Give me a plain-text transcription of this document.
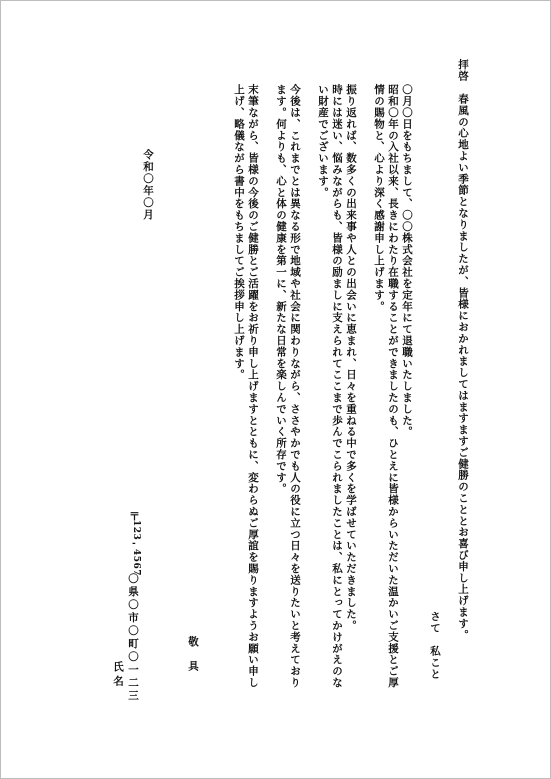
拝啓　春風の心地よい季節となりましたが、皆様におかれましてはますますご健勝のこととお喜び申し上げます。
さて　私こと
〇月〇日をもちまして、〇〇株式会社を定年にて退職いたしました。
昭和〇年の入社以来、長きにわたり在職することができましたのも、ひとえに皆様からいただいた温かいご支援とご厚
情の賜物と、心より深く感謝申し上げます。
振り返れば、数多くの出来事や人との出会いに恵まれ、日々を重ねる中で多くを学ばせていただきました。
時には迷い、悩みながらも、皆様の励ましに支えられてここまで歩んでこられましたことは、私にとってかけがえのな
い財産でございます。
今後は、これまでとは異なる形で地域や社会に関わりながら、ささやかでも人の役に立つ日々を送りたいと考えており
ます。何よりも、心と体の健康を第一に、新たな日常を楽しんでいく所存です。
末筆ながら、皆様の今後のご健勝とご活躍をお祈り申し上げますとともに、変わらぬご厚誼を賜りますようお願い申し
上げ、略儀ながら書中をもちましてご挨拶申し上げます。
敬具
令和〇年〇月
〒
123
-
4567
〇県〇市〇町〇一二三
氏名
